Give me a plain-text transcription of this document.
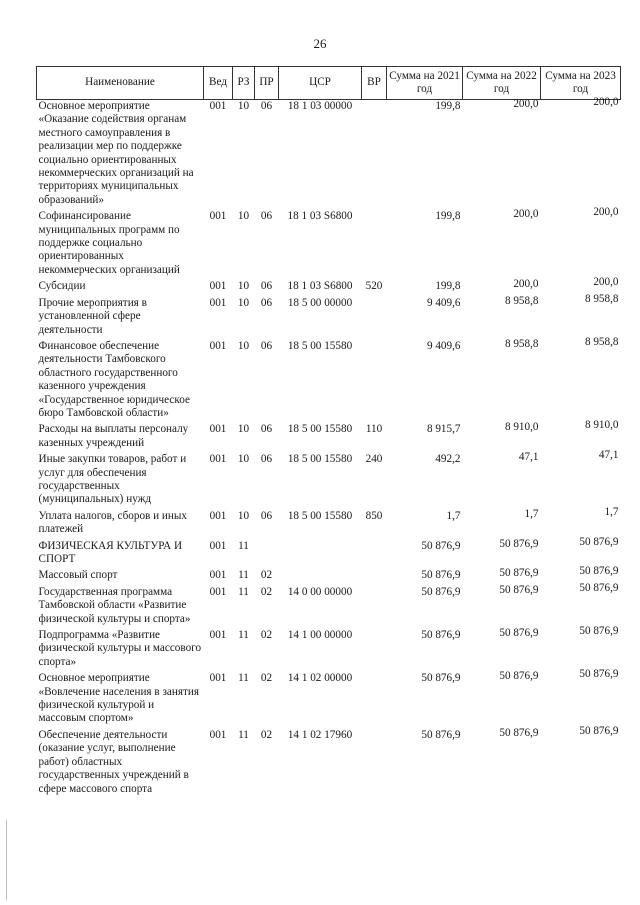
26
Наименование	Вед	РЗ	ПР	ЦСР	ВР	Сумма на 2021 год	Сумма на 2022 год	Сумма на 2023 год
Основное мероприятие «Оказание содействия органам местного самоуправления в реализации мер по поддержке социально ориентированных некоммерческих организаций на территориях муниципальных образований»	001	10	06	18 1 03 00000		199,8	200,0	200,0
Софинансирование муниципальных программ по поддержке социально ориентированных некоммерческих организаций	001	10	06	18 1 03 S6800		199,8	200,0	200,0
Субсидии	001	10	06	18 1 03 S6800	520	199,8	200,0	200,0
Прочие мероприятия в установленной сфере деятельности	001	10	06	18 5 00 00000		9 409,6	8 958,8	8 958,8
Финансовое обеспечение деятельности Тамбовского областного государственного казенного учреждения «Государственное юридическое бюро Тамбовской области»	001	10	06	18 5 00 15580		9 409,6	8 958,8	8 958,8
Расходы на выплаты персоналу казенных учреждений	001	10	06	18 5 00 15580	110	8 915,7	8 910,0	8 910,0
Иные закупки товаров, работ и услуг для обеспечения государственных (муниципальных) нужд	001	10	06	18 5 00 15580	240	492,2	47,1	47,1
Уплата налогов, сборов и иных платежей	001	10	06	18 5 00 15580	850	1,7	1,7	1,7
ФИЗИЧЕСКАЯ КУЛЬТУРА И СПОРТ	001	11				50 876,9	50 876,9	50 876,9
Массовый спорт	001	11	02			50 876,9	50 876,9	50 876,9
Государственная программа Тамбовской области «Развитие физической культуры и спорта»	001	11	02	14 0 00 00000		50 876,9	50 876,9	50 876,9
Подпрограмма «Развитие физической культуры и массового спорта»	001	11	02	14 1 00 00000		50 876,9	50 876,9	50 876,9
Основное мероприятие «Вовлечение населения в занятия физической культурой и массовым спортом»	001	11	02	14 1 02 00000		50 876,9	50 876,9	50 876,9
Обеспечение деятельности (оказание услуг, выполнение работ) областных государственных учреждений в сфере массового спорта	001	11	02	14 1 02 17960		50 876,9	50 876,9	50 876,9
